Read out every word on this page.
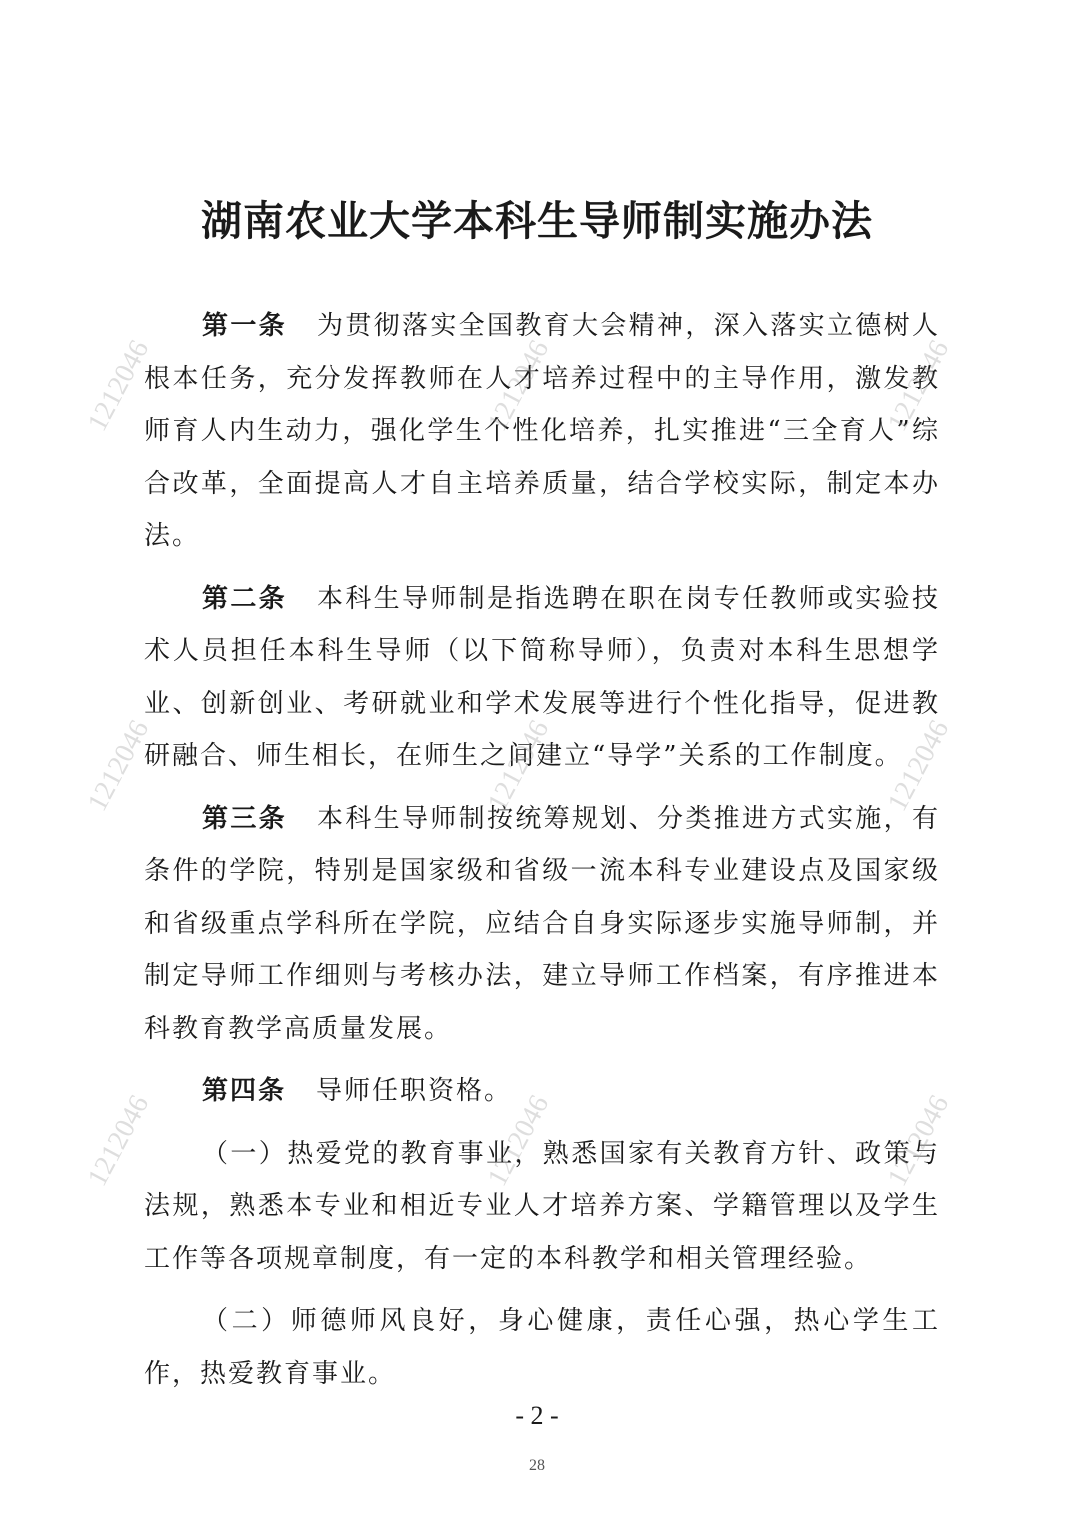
湖南农业大学本科生导师制实施办法

第一条 为贯彻落实全国教育大会精神，深入落实立德树人根本任务，充分发挥教师在人才培养过程中的主导作用，激发教师育人内生动力，强化学生个性化培养，扎实推进“三全育人”综合改革，全面提高人才自主培养质量，结合学校实际，制定本办法。

第二条 本科生导师制是指选聘在职在岗专任教师或实验技术人员担任本科生导师（以下简称导师），负责对本科生思想学业、创新创业、考研就业和学术发展等进行个性化指导，促进教研融合、师生相长，在师生之间建立“导学”关系的工作制度。

第三条 本科生导师制按统筹规划、分类推进方式实施，有条件的学院，特别是国家级和省级一流本科专业建设点及国家级和省级重点学科所在学院，应结合自身实际逐步实施导师制，并制定导师工作细则与考核办法，建立导师工作档案，有序推进本科教育教学高质量发展。

第四条 导师任职资格。

（一）热爱党的教育事业，熟悉国家有关教育方针、政策与法规，熟悉本专业和相近专业人才培养方案、学籍管理以及学生工作等各项规章制度，有一定的本科教学和相关管理经验。

（二）师德师风良好，身心健康，责任心强，热心学生工作，热爱教育事业。

1212046	1212046	1212046
1212046	1212046	1212046
1212046	1212046	1212046
- 2 -
28
